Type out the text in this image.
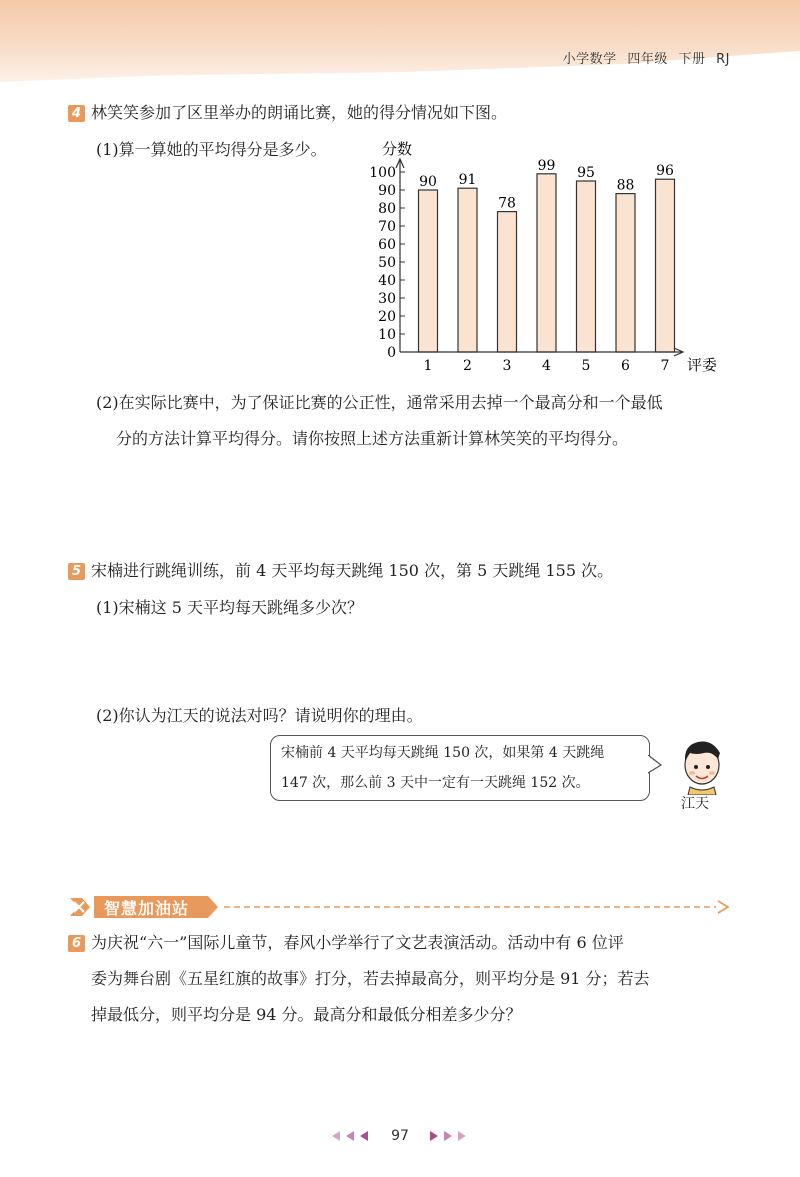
小学数学 四年级 下册 RJ
4 林笑笑参加了区里举办的朗诵比赛，她的得分情况如下图。
(1)算一算她的平均得分是多少。	分数
0
10
20
30
40
50
60
70
80
90
100
90 91
78
99 95
88
96
1 2 3 4 5 6 7 评委
(2)在实际比赛中，为了保证比赛的公正性，通常采用去掉一个最高分和一个最低
分的方法计算平均得分。请你按照上述方法重新计算林笑笑的平均得分。
5 宋楠进行跳绳训练，前 4 天平均每天跳绳 150 次，第 5 天跳绳 155 次。
(1)宋楠这 5 天平均每天跳绳多少次？
(2)你认为江天的说法对吗？请说明你的理由。
宋楠前 4 天平均每天跳绳 150 次，如果第 4 天跳绳
147 次，那么前 3 天中一定有一天跳绳 152 次。
江天
智慧加油站
6 为庆祝“六一”国际儿童节，春风小学举行了文艺表演活动。活动中有 6 位评
委为舞台剧《五星红旗的故事》打分，若去掉最高分，则平均分是 91 分；若去
掉最低分，则平均分是 94 分。最高分和最低分相差多少分？
97
